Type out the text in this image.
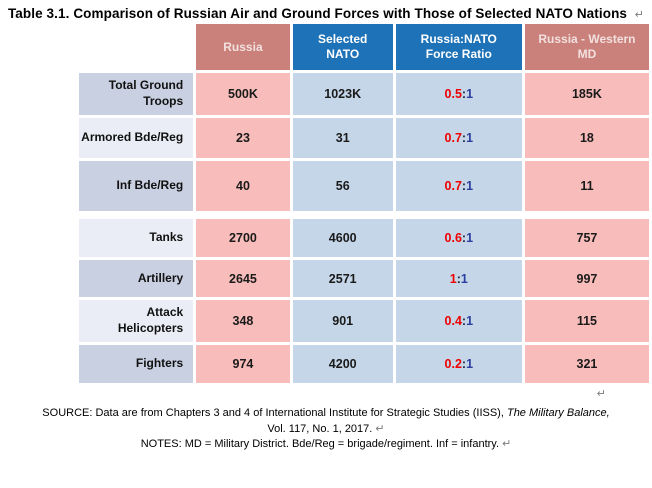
Table 3.1. Comparison of Russian Air and Ground Forces with Those of Selected NATO Nations ↵
	Russia	Selected NATO	Russia:NATO Force Ratio	Russia - Western MD
Total Ground Troops	500K	1023K	0.5:1	185K
Armored Bde/Reg	23	31	0.7:1	18
Inf Bde/Reg	40	56	0.7:1	11

Tanks	2700	4600	0.6:1	757
Artillery	2645	2571	1:1	997
Attack Helicopters	348	901	0.4:1	115
Fighters	974	4200	0.2:1	321
↵
SOURCE: Data are from Chapters 3 and 4 of International Institute for Strategic Studies (IISS), The Military Balance,
Vol. 117, No. 1, 2017. ↵
NOTES: MD = Military District. Bde/Reg = brigade/regiment. Inf = infantry. ↵
